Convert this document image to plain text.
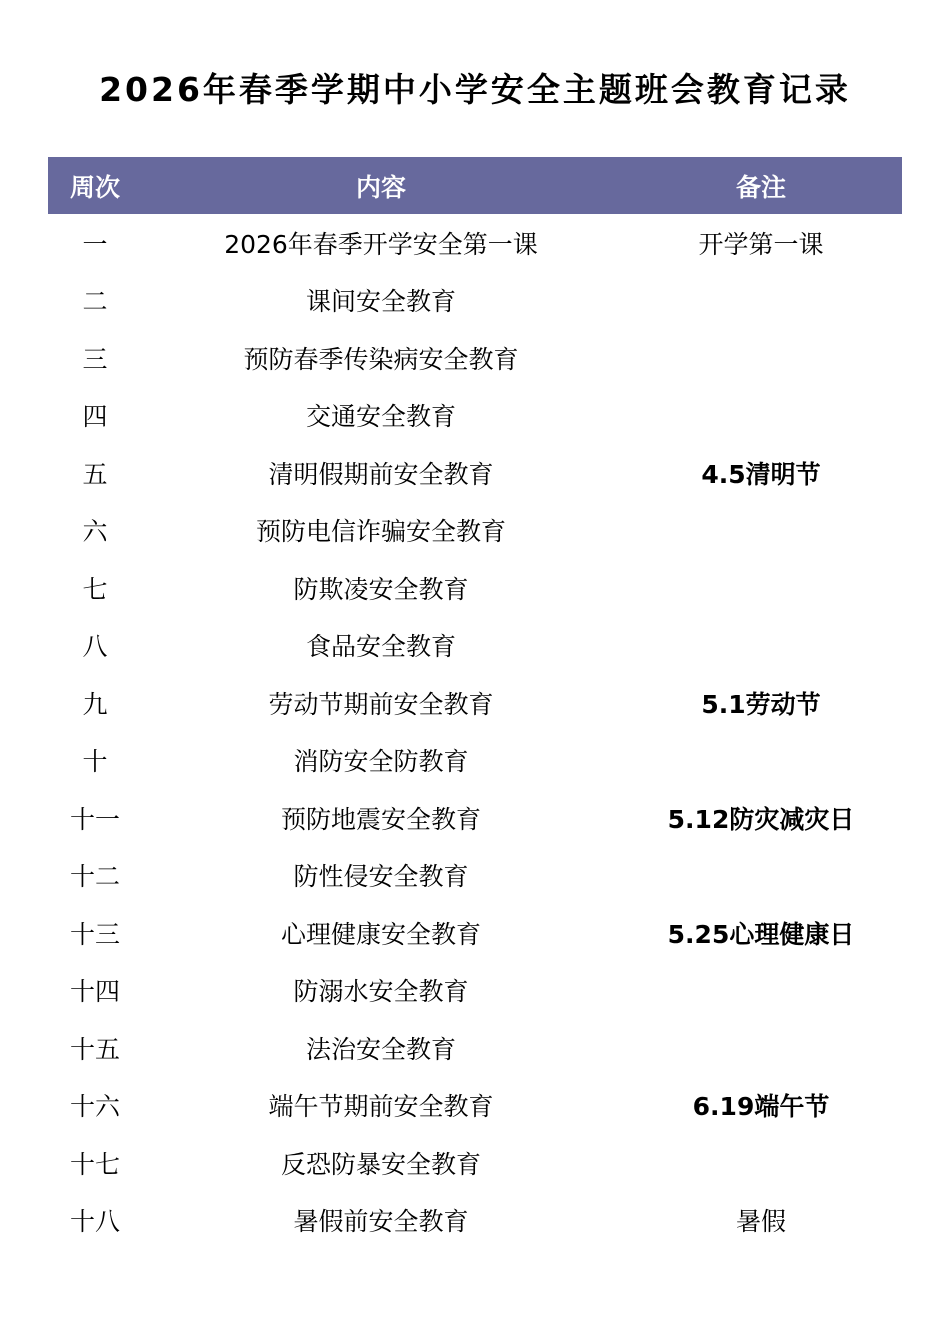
2026年春季学期中小学安全主题班会教育记录
周次	内容	备注
一	2026年春季开学安全第一课	开学第一课
二	课间安全教育	
三	预防春季传染病安全教育	
四	交通安全教育	
五	清明假期前安全教育	4.5清明节
六	预防电信诈骗安全教育	
七	防欺凌安全教育	
八	食品安全教育	
九	劳动节期前安全教育	5.1劳动节
十	消防安全防教育	
十一	预防地震安全教育	5.12防灾减灾日
十二	防性侵安全教育	
十三	心理健康安全教育	5.25心理健康日
十四	防溺水安全教育	
十五	法治安全教育	
十六	端午节期前安全教育	6.19端午节
十七	反恐防暴安全教育	
十八	暑假前安全教育	暑假
